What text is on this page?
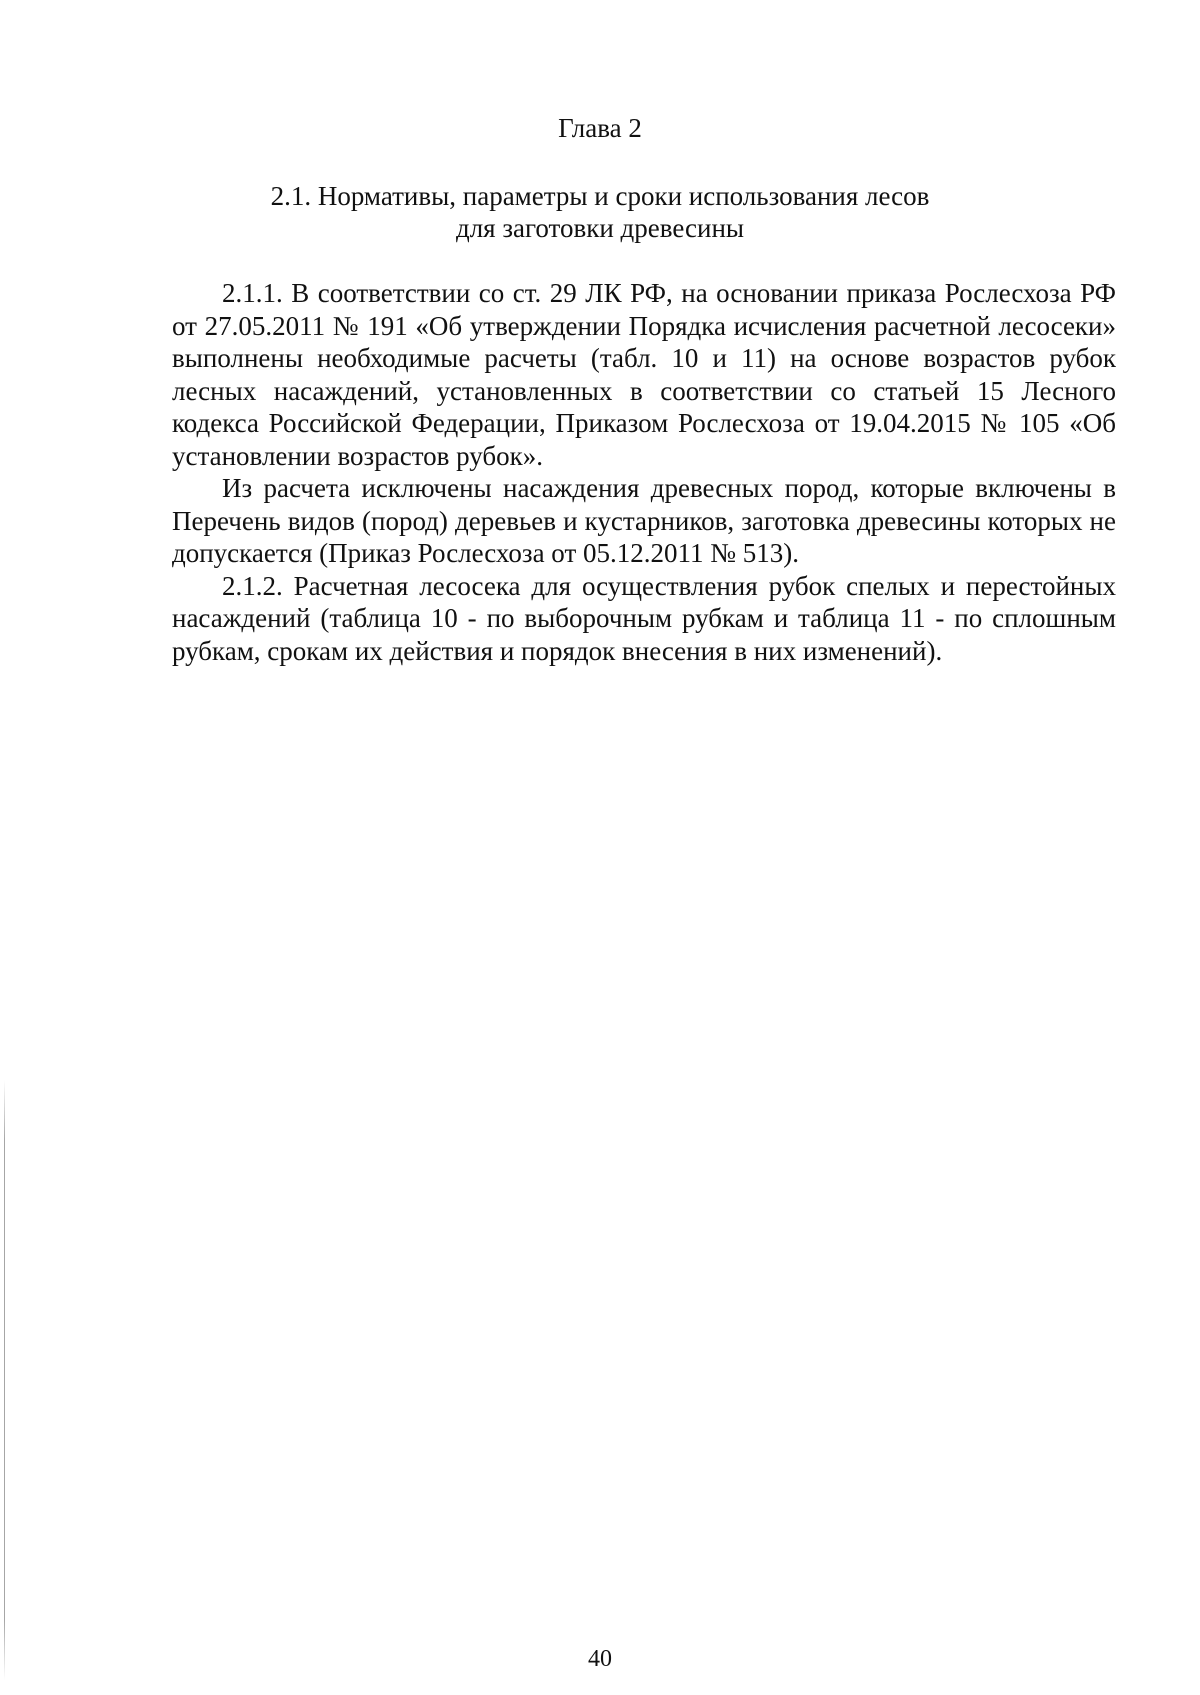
Глава 2
2.1. Нормативы, параметры и сроки использования лесов
для заготовки древесины

2.1.1. В соответствии со ст. 29 ЛК РФ, на основании приказа Рослесхоза РФ от 27.05.2011 № 191 «Об утверждении Порядка исчисления расчетной лесосеки» выполнены необходимые расчеты (табл. 10 и 11) на основе возрастов рубок лесных насаждений, установленных в соответствии со статьей 15 Лесного кодекса Российской Федерации, Приказом Рослесхоза от 19.04.2015 № 105 «Об установлении возрастов рубок».

Из расчета исключены насаждения древесных пород, которые включены в Перечень видов (пород) деревьев и кустарников, заготовка древесины которых не допускается (Приказ Рослесхоза от 05.12.2011 № 513).

2.1.2. Расчетная лесосека для осуществления рубок спелых и перестойных насаждений (таблица 10 - по выборочным рубкам и таблица 11 - по сплошным рубкам, срокам их действия и порядок внесения в них изменений).

40
